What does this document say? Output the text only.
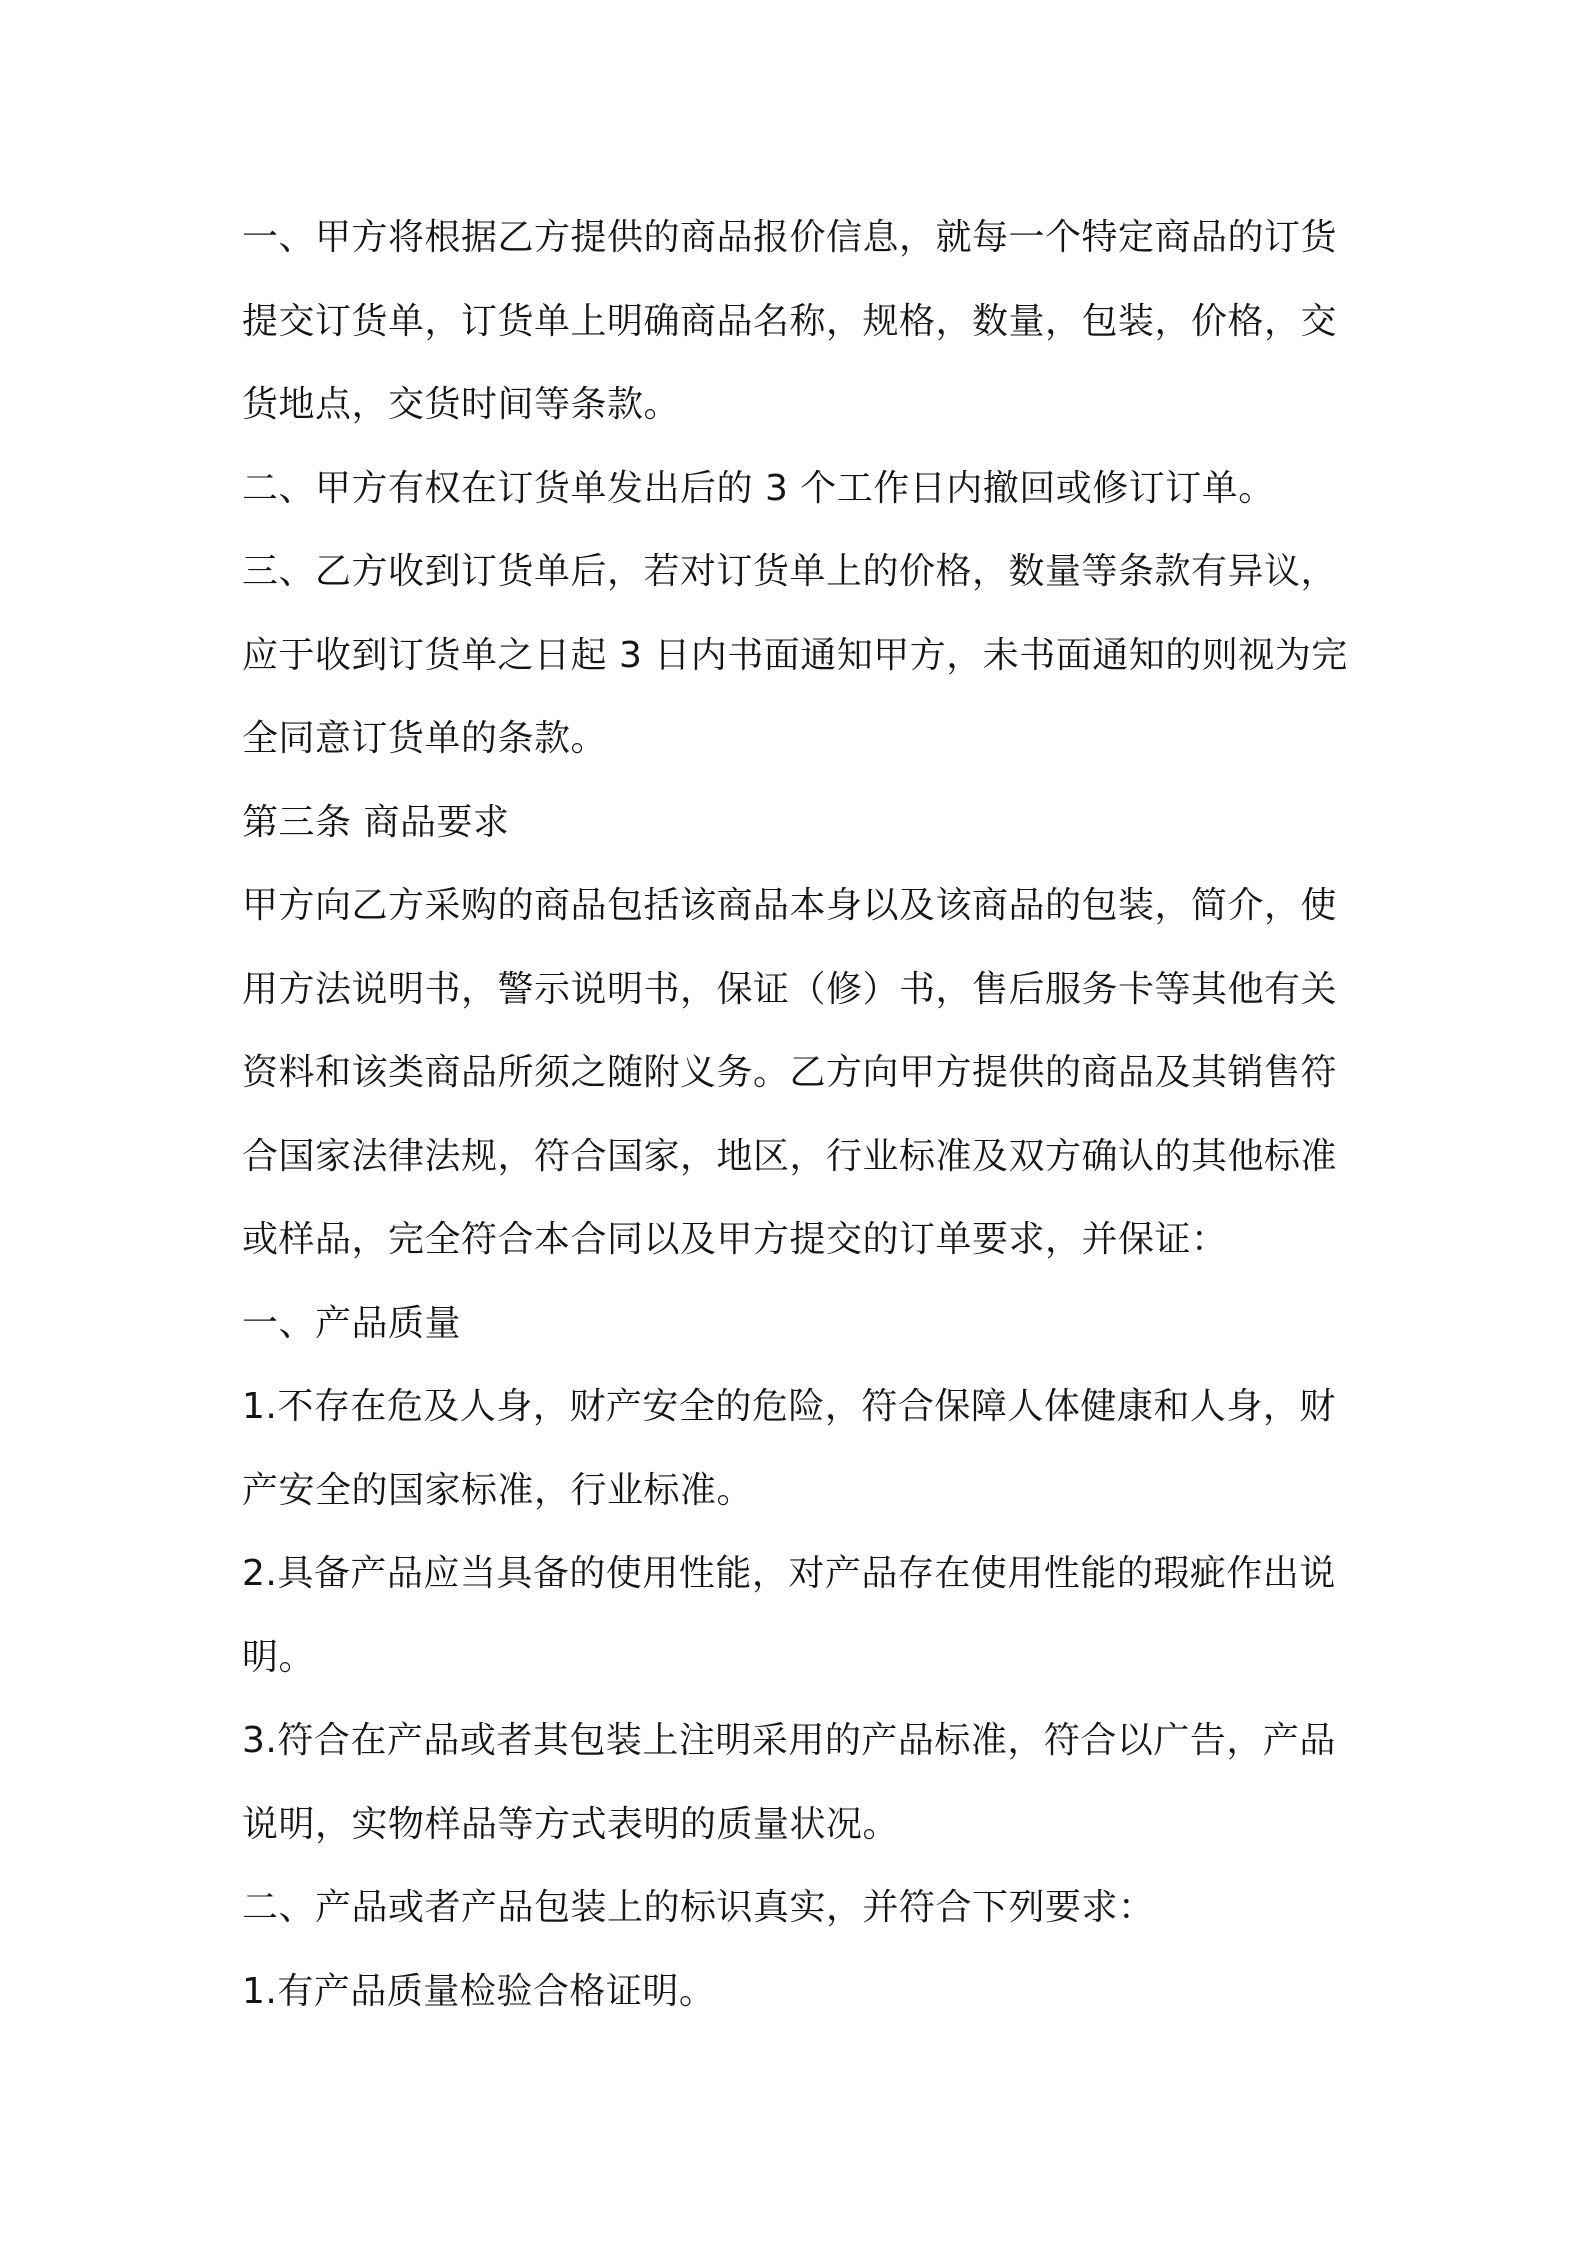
一、甲方将根据乙方提供的商品报价信息，就每一个特定商品的订货
提交订货单，订货单上明确商品名称，规格，数量，包装，价格，交
货地点，交货时间等条款。
二、甲方有权在订货单发出后的 3 个工作日内撤回或修订订单。
三、乙方收到订货单后，若对订货单上的价格，数量等条款有异议，
应于收到订货单之日起 3 日内书面通知甲方，未书面通知的则视为完
全同意订货单的条款。
第三条 商品要求
甲方向乙方采购的商品包括该商品本身以及该商品的包装，简介，使
用方法说明书，警示说明书，保证（修）书，售后服务卡等其他有关
资料和该类商品所须之随附义务。乙方向甲方提供的商品及其销售符
合国家法律法规，符合国家，地区，行业标准及双方确认的其他标准
或样品，完全符合本合同以及甲方提交的订单要求，并保证：
一、产品质量
1.不存在危及人身，财产安全的危险，符合保障人体健康和人身，财
产安全的国家标准，行业标准。
2.具备产品应当具备的使用性能，对产品存在使用性能的瑕疵作出说
明。
3.符合在产品或者其包装上注明采用的产品标准，符合以广告，产品
说明，实物样品等方式表明的质量状况。
二、产品或者产品包装上的标识真实，并符合下列要求：
1.有产品质量检验合格证明。
